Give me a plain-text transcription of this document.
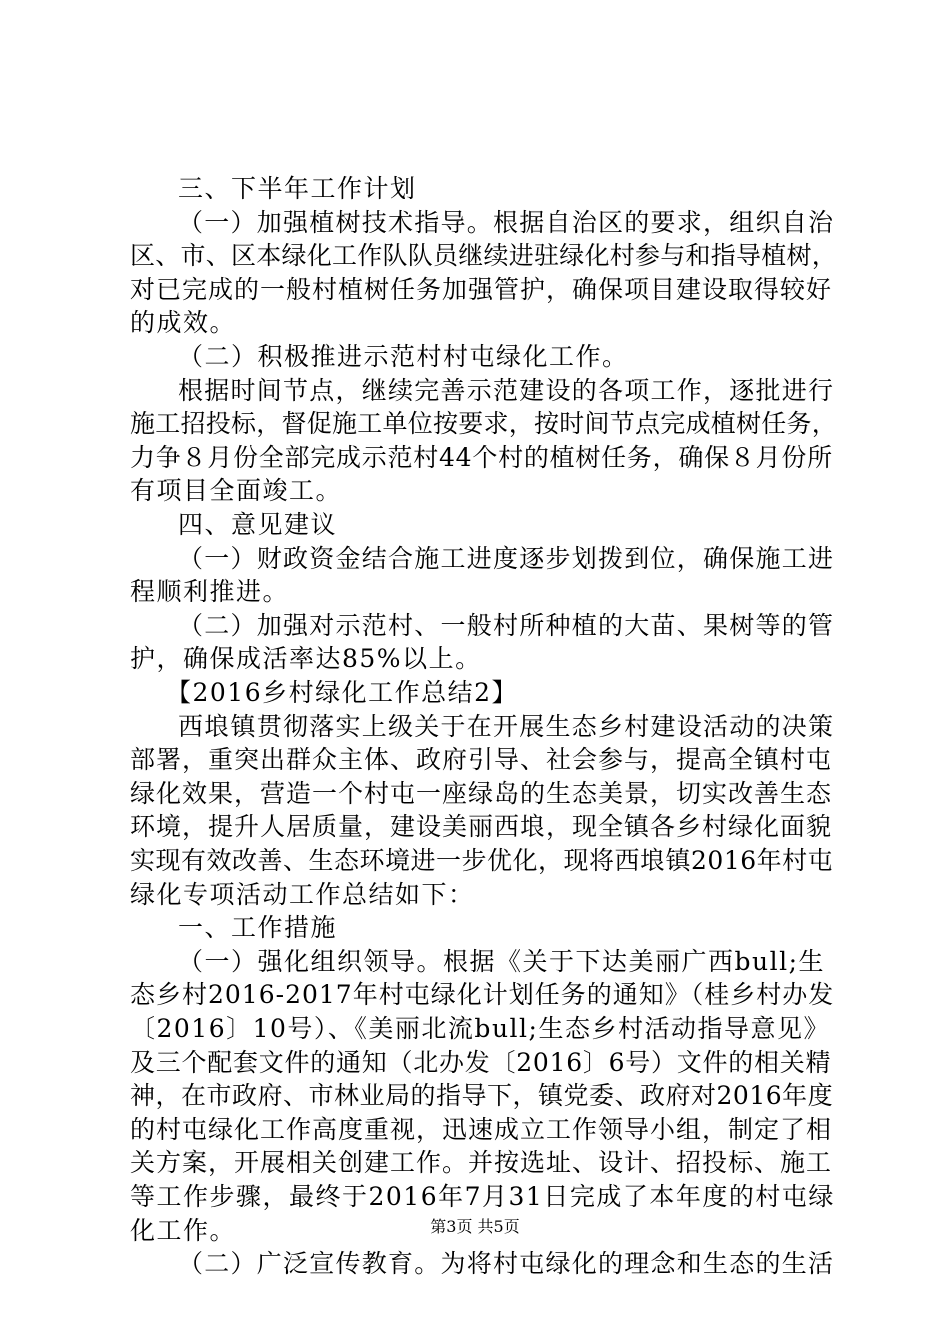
三、下半年工作计划
（一）加强植树技术指导。根据自治区的要求，组织自治
区、市、区本绿化工作队队员继续进驻绿化村参与和指导植树，
对已完成的一般村植树任务加强管护，确保项目建设取得较好
的成效。
（二）积极推进示范村村屯绿化工作。
根据时间节点，继续完善示范建设的各项工作，逐批进行
施工招投标，督促施工单位按要求，按时间节点完成植树任务，
力争８月份全部完成示范村44个村的植树任务，确保８月份所
有项目全面竣工。
四、意见建议
（一）财政资金结合施工进度逐步划拨到位，确保施工进
程顺利推进。
（二）加强对示范村、一般村所种植的大苗、果树等的管
护，确保成活率达85%以上。
【2016乡村绿化工作总结2】
西埌镇贯彻落实上级关于在开展生态乡村建设活动的决策
部署，重突出群众主体、政府引导、社会参与，提高全镇村屯
绿化效果，营造一个村屯一座绿岛的生态美景，切实改善生态
环境，提升人居质量，建设美丽西埌，现全镇各乡村绿化面貌
实现有效改善、生态环境进一步优化，现将西埌镇2016年村屯
绿化专项活动工作总结如下：
一、工作措施
（一）强化组织领导。根据《关于下达美丽广西bull;生
态乡村2016-2017年村屯绿化计划任务的通知》（桂乡村办发
〔2016〕10号）、《美丽北流bull;生态乡村活动指导意见》
及三个配套文件的通知（北办发〔2016〕6号）文件的相关精
神，在市政府、市林业局的指导下，镇党委、政府对2016年度
的村屯绿化工作高度重视，迅速成立工作领导小组，制定了相
关方案，开展相关创建工作。并按选址、设计、招投标、施工
等工作步骤，最终于2016年7月31日完成了本年度的村屯绿
化工作。
（二）广泛宣传教育。为将村屯绿化的理念和生态的生活
第3页 共5页
